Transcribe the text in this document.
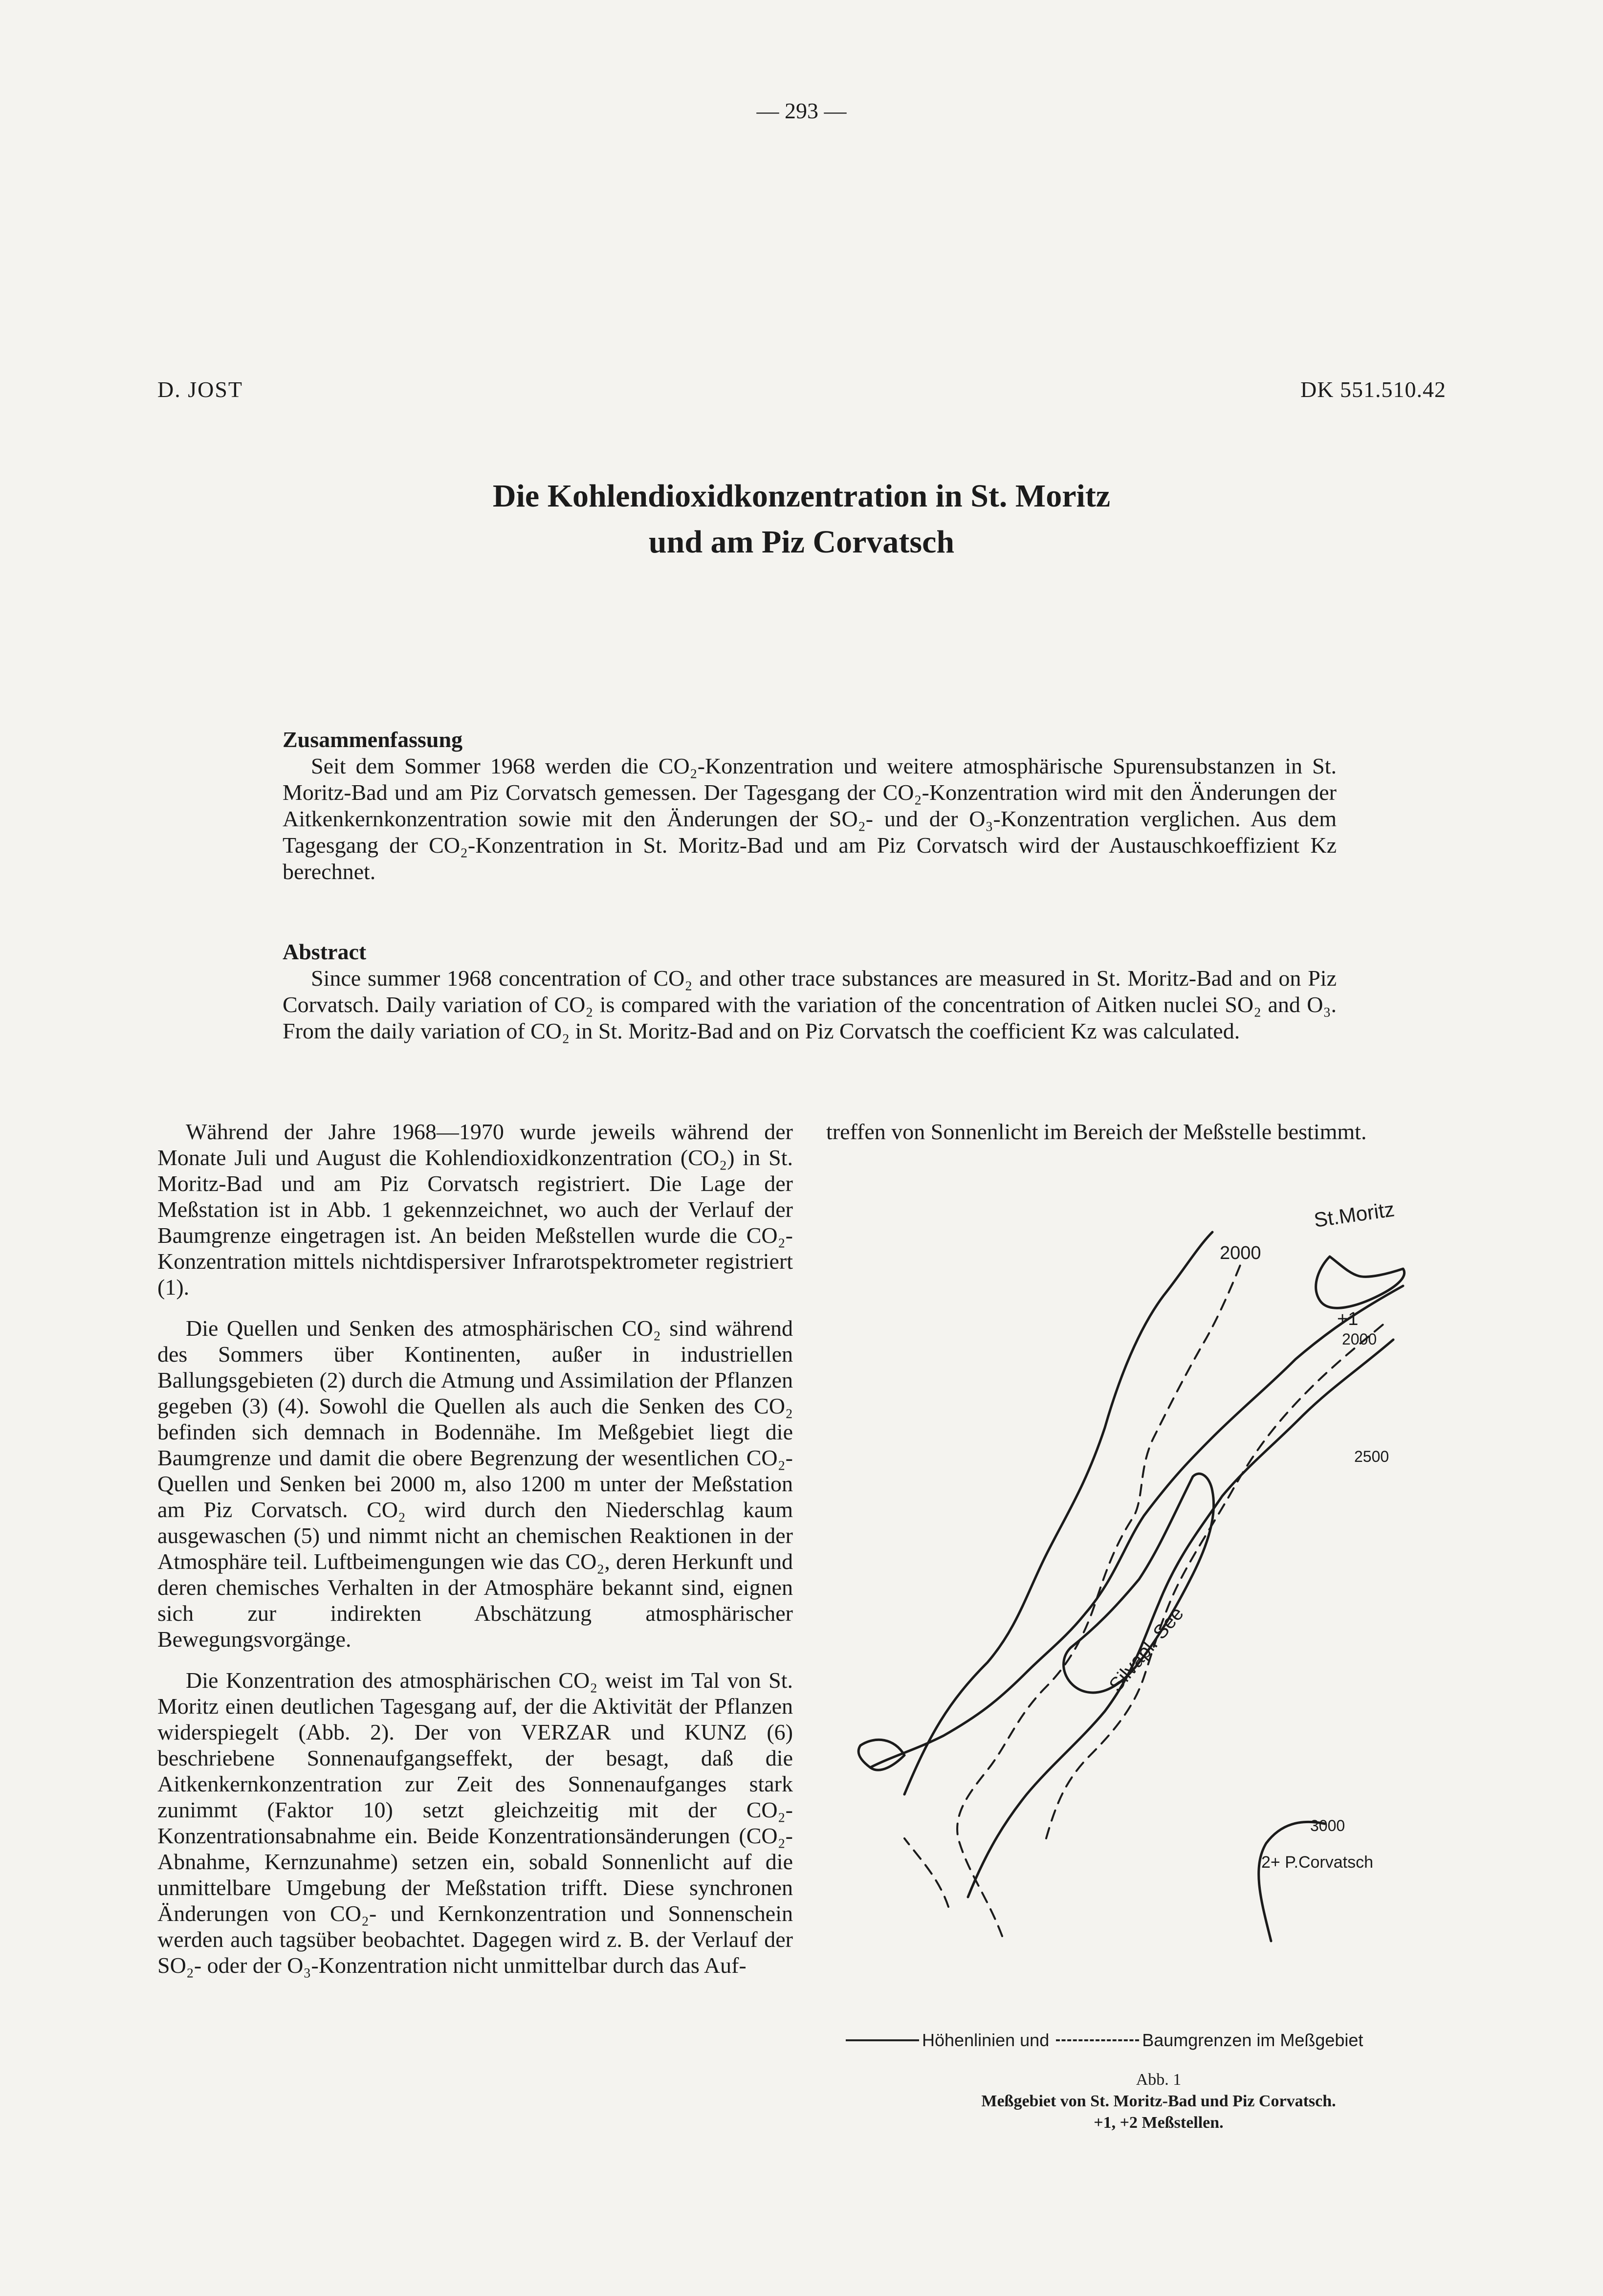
— 293 —
D. JOST	DK 551.510.42
Die Kohlendioxidkonzentration in St. Moritz
und am Piz Corvatsch

Zusammenfassung

Seit dem Sommer 1968 werden die CO₂-Konzentration und weitere atmosphärische Spurensubstanzen in St. Moritz-Bad und am Piz Corvatsch gemessen. Der Tagesgang der CO₂-Konzentration wird mit den Änderungen der Aitkenkernkonzentration sowie mit den Änderungen der SO₂- und der O₃-Konzentration verglichen. Aus dem Tagesgang der CO₂-Konzentration in St. Moritz-Bad und am Piz Corvatsch wird der Austauschkoeffizient Kz berechnet.

Abstract

Since summer 1968 concentration of CO₂ and other trace substances are measured in St. Moritz-Bad and on Piz Corvatsch. Daily variation of CO₂ is compared with the variation of the concentration of Aitken nuclei SO₂ and O₃. From the daily variation of CO₂ in St. Moritz-Bad and on Piz Corvatsch the coefficient Kz was calculated.

Während der Jahre 1968—1970 wurde jeweils während der Monate Juli und August die Kohlendioxidkonzentration (CO₂) in St. Moritz-Bad und am Piz Corvatsch registriert. Die Lage der Meßstation ist in Abb. 1 gekennzeichnet, wo auch der Verlauf der Baumgrenze eingetragen ist. An beiden Meßstellen wurde die CO₂-Konzentration mittels nichtdispersiver Infrarotspektrometer registriert (1).

Die Quellen und Senken des atmosphärischen CO₂ sind während des Sommers über Kontinenten, außer in industriellen Ballungsgebieten (2) durch die Atmung und Assimilation der Pflanzen gegeben (3) (4). Sowohl die Quellen als auch die Senken des CO₂ befinden sich demnach in Bodennähe. Im Meßgebiet liegt die Baumgrenze und damit die obere Begrenzung der wesentlichen CO₂-Quellen und Senken bei 2000 m, also 1200 m unter der Meßstation am Piz Corvatsch. CO₂ wird durch den Niederschlag kaum ausgewaschen (5) und nimmt nicht an chemischen Reaktionen in der Atmosphäre teil. Luftbeimengungen wie das CO₂, deren Herkunft und deren chemisches Verhalten in der Atmosphäre bekannt sind, eignen sich zur indirekten Abschätzung atmosphärischer Bewegungsvorgänge.

Die Konzentration des atmosphärischen CO₂ weist im Tal von St. Moritz einen deutlichen Tagesgang auf, der die Aktivität der Pflanzen widerspiegelt (Abb. 2). Der von VERZAR und KUNZ (6) beschriebene Sonnenaufgangseffekt, der besagt, daß die Aitkenkernkonzentration zur Zeit des Sonnenaufganges stark zunimmt (Faktor 10) setzt gleichzeitig mit der CO₂-Konzentrationsabnahme ein. Beide Konzentrationsänderungen (CO₂-Abnahme, Kernzunahme) setzen ein, sobald Sonnenlicht auf die unmittelbare Umgebung der Meßstation trifft. Diese synchronen Änderungen von CO₂- und Kernkonzentration und Sonnenschein werden auch tagsüber beobachtet. Dagegen wird z. B. der Verlauf der SO₂- oder der O₃-Konzentration nicht unmittelbar durch das Auf-

treffen von Sonnenlicht im Bereich der Meßstelle bestimmt.

St.Moritz
2000
+1
2000
2500
3000
2+ P.Corvatsch
Silvapl. See
Höhenlinien und	Baumgrenzen im Meßgebiet
Abb. 1
Meßgebiet von St. Moritz-Bad und Piz Corvatsch.
+1, +2 Meßstellen.
